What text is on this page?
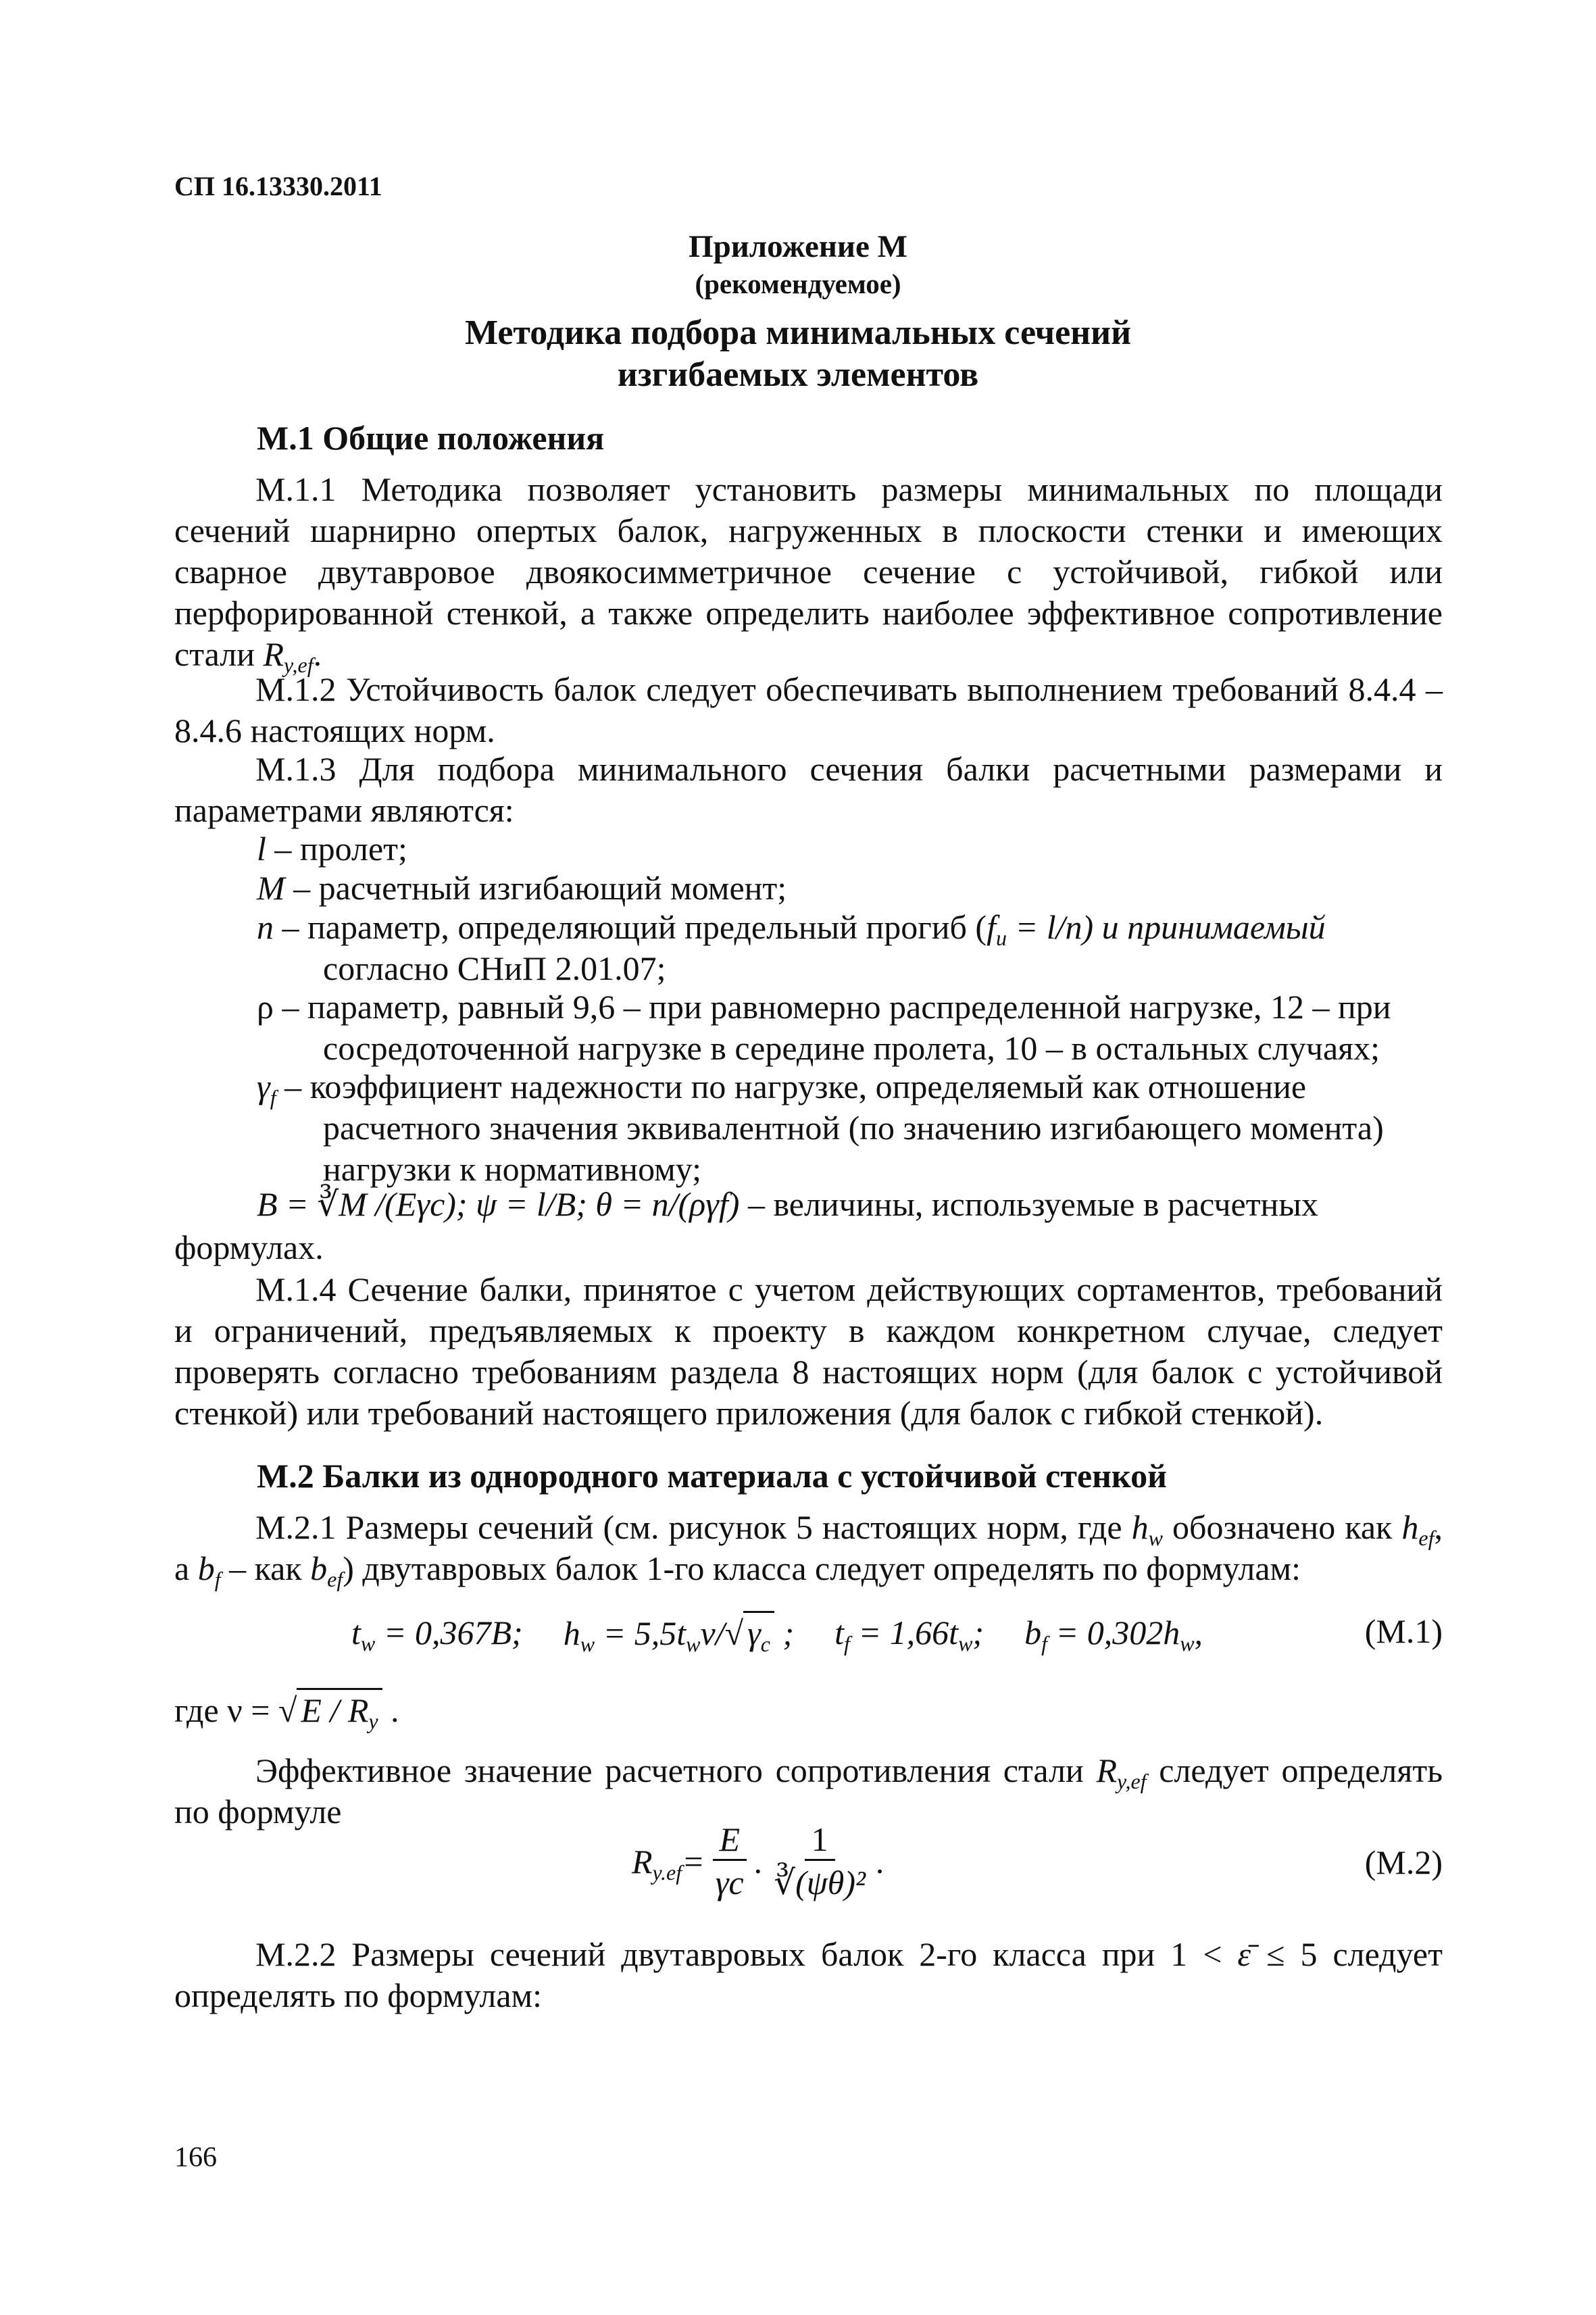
СП 16.13330.2011
Приложение М
(рекомендуемое)
Методика подбора минимальных сечений
изгибаемых элементов
М.1 Общие положения
М.1.1 Методика позволяет установить размеры минимальных по площади сечений шарнирно опертых балок, нагруженных в плоскости стенки и имеющих сварное двутавровое двоякосимметричное сечение с устойчивой, гибкой или перфорированной стенкой, а также определить наиболее эффективное сопротивление стали $R_{y,ef}$.
М.1.2 Устойчивость балок следует обеспечивать выполнением требований 8.4.4 – 8.4.6 настоящих норм.
М.1.3 Для подбора минимального сечения балки расчетными размерами и параметрами являются:
l – пролет;
M – расчетный изгибающий момент;
n – параметр, определяющий предельный прогиб $(f_u = l/n)$ и принимаемый
согласно СНиП 2.01.07;
ρ – параметр, равный 9,6 – при равномерно распределенной нагрузке, 12 – при
сосредоточенной нагрузке в середине пролета, 10 – в остальных случаях;
$\gamma_f$ – коэффициент надежности по нагрузке, определяемый как отношение
расчетного значения эквивалентной (по значению изгибающего момента)
нагрузки к нормативному;
B = ∛M /(Eγc); ψ = l/B; θ = n/(ργf) – величины, используемые в расчетных
формулах.
М.1.4 Сечение балки, принятое с учетом действующих сортаментов, требований и ограничений, предъявляемых к проекту в каждом конкретном случае, следует проверять согласно требованиям раздела 8 настоящих норм (для балок с устойчивой стенкой) или требований настоящего приложения (для балок с гибкой стенкой).
М.2 Балки из однородного материала с устойчивой стенкой
М.2.1 Размеры сечений (см. рисунок 5 настоящих норм, где $h_w$ обозначено как $h_{ef}$, а $b_f$ – как $b_{ef}$) двутавровых балок 1-го класса следует определять по формулам:
$t_w = 0,367B$; $h_w = 5,5t_w\nu/√$ $\gamma_c$ ; $t_f = 1,66t_w$; $b_f = 0,302h_w$,	(М.1)
где ν = √ E / $R_y$ .
Эффективное значение расчетного сопротивления стали $R_{y,ef}$ следует определять по формуле
$R_{y.ef} = \frac{E}{\gamma c}$ . $\frac{1}{\text{∛(ψθ)²}}$ .	(М.2)
М.2.2 Размеры сечений двутавровых балок 2-го класса при 1 < ε̄ ≤ 5 следует определять по формулам:
166
